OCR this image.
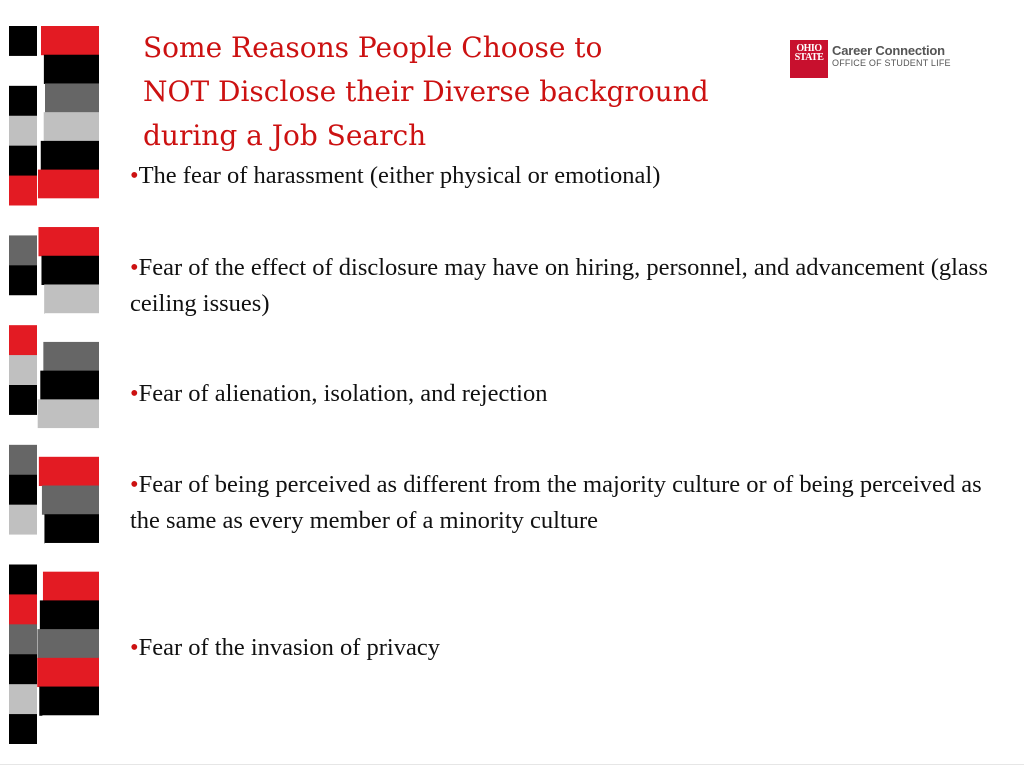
Some Reasons People Choose to
NOT Disclose their Diverse background
during a Job Search
OHIO
STATE Career Connection
OFFICE OF STUDENT LIFE

•The fear of harassment (either physical or emotional)

•Fear of the effect of disclosure may have on hiring, personnel, and advancement (glass ceiling issues)

•Fear of alienation, isolation, and rejection

•Fear of being perceived as different from the majority culture or of being perceived as the same as every member of a minority culture

•Fear of the invasion of privacy
